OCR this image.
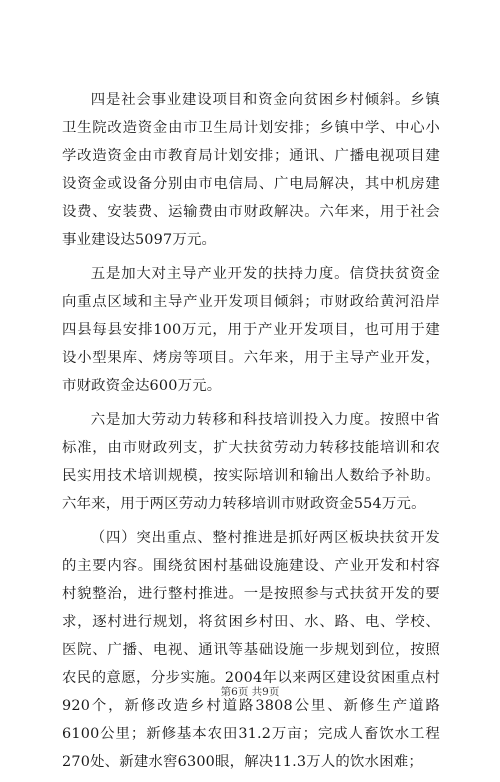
四是社会事业建设项目和资金向贫困乡村倾斜。乡镇卫生院改造资金由市卫生局计划安排；乡镇中学、中心小学改造资金由市教育局计划安排；通讯、广播电视项目建设资金或设备分别由市电信局、广电局解决，其中机房建设费、安装费、运输费由市财政解决。六年来，用于社会事业建设达5097万元。

五是加大对主导产业开发的扶持力度。信贷扶贫资金向重点区域和主导产业开发项目倾斜；市财政给黄河沿岸四县每县安排100万元，用于产业开发项目，也可用于建设小型果库、烤房等项目。六年来，用于主导产业开发，市财政资金达600万元。

六是加大劳动力转移和科技培训投入力度。按照中省标准，由市财政列支，扩大扶贫劳动力转移技能培训和农民实用技术培训规模，按实际培训和输出人数给予补助。六年来，用于两区劳动力转移培训市财政资金554万元。

（四）突出重点、整村推进是抓好两区板块扶贫开发的主要内容。围绕贫困村基础设施建设、产业开发和村容村貌整治，进行整村推进。一是按照参与式扶贫开发的要求，逐村进行规划，将贫困乡村田、水、路、电、学校、医院、广播、电视、通讯等基础设施一步规划到位，按照农民的意愿，分步实施。2004年以来两区建设贫困重点村920个，新修改造乡村道路3808公里、新修生产道路6100公里；新修基本农田31.2万亩；完成人畜饮水工程270处、新建水窖6300眼，解决11.3万人的饮水困难；

第6页 共9页
